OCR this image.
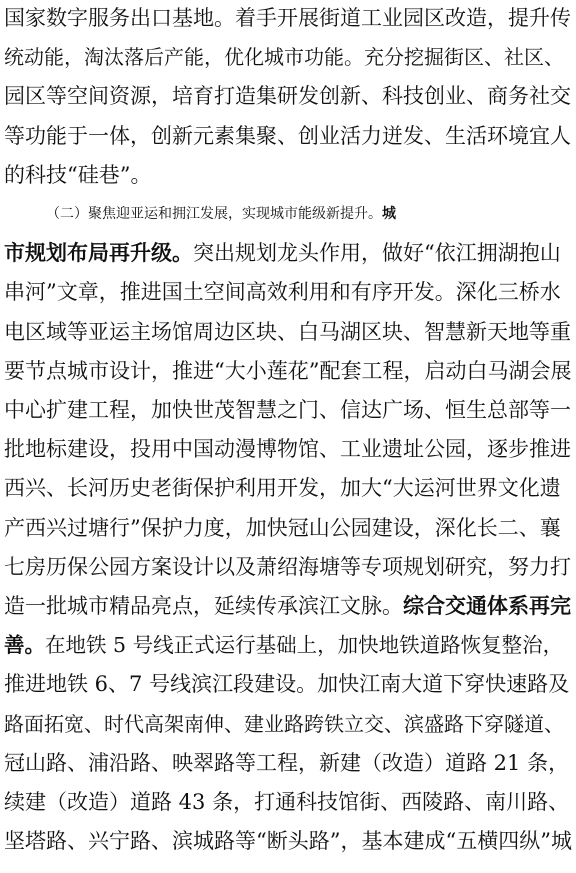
国家数字服务出口基地。着手开展街道工业园区改造，提升传
统动能，淘汰落后产能，优化城市功能。充分挖掘街区、社区、
园区等空间资源，培育打造集研发创新、科技创业、商务社交
等功能于一体，创新元素集聚、创业活力迸发、生活环境宜人
的科技“硅巷”。
（二）聚焦迎亚运和拥江发展，实现城市能级新提升。城
市规划布局再升级。突出规划龙头作用，做好“依江拥湖抱山
串河”文章，推进国土空间高效利用和有序开发。深化三桥水
电区域等亚运主场馆周边区块、白马湖区块、智慧新天地等重
要节点城市设计，推进“大小莲花”配套工程，启动白马湖会展
中心扩建工程，加快世茂智慧之门、信达广场、恒生总部等一
批地标建设，投用中国动漫博物馆、工业遗址公园，逐步推进
西兴、长河历史老街保护利用开发，加大“大运河世界文化遗
产西兴过塘行”保护力度，加快冠山公园建设，深化长二、襄
七房历保公园方案设计以及萧绍海塘等专项规划研究，努力打
造一批城市精品亮点，延续传承滨江文脉。综合交通体系再完
善。在地铁 5 号线正式运行基础上，加快地铁道路恢复整治，
推进地铁 6、7 号线滨江段建设。加快江南大道下穿快速路及
路面拓宽、时代高架南伸、建业路跨铁立交、滨盛路下穿隧道、
冠山路、浦沿路、映翠路等工程，新建（改造）道路 21 条，
续建（改造）道路 43 条，打通科技馆街、西陵路、南川路、
坚塔路、兴宁路、滨城路等“断头路”，基本建成“五横四纵”城
